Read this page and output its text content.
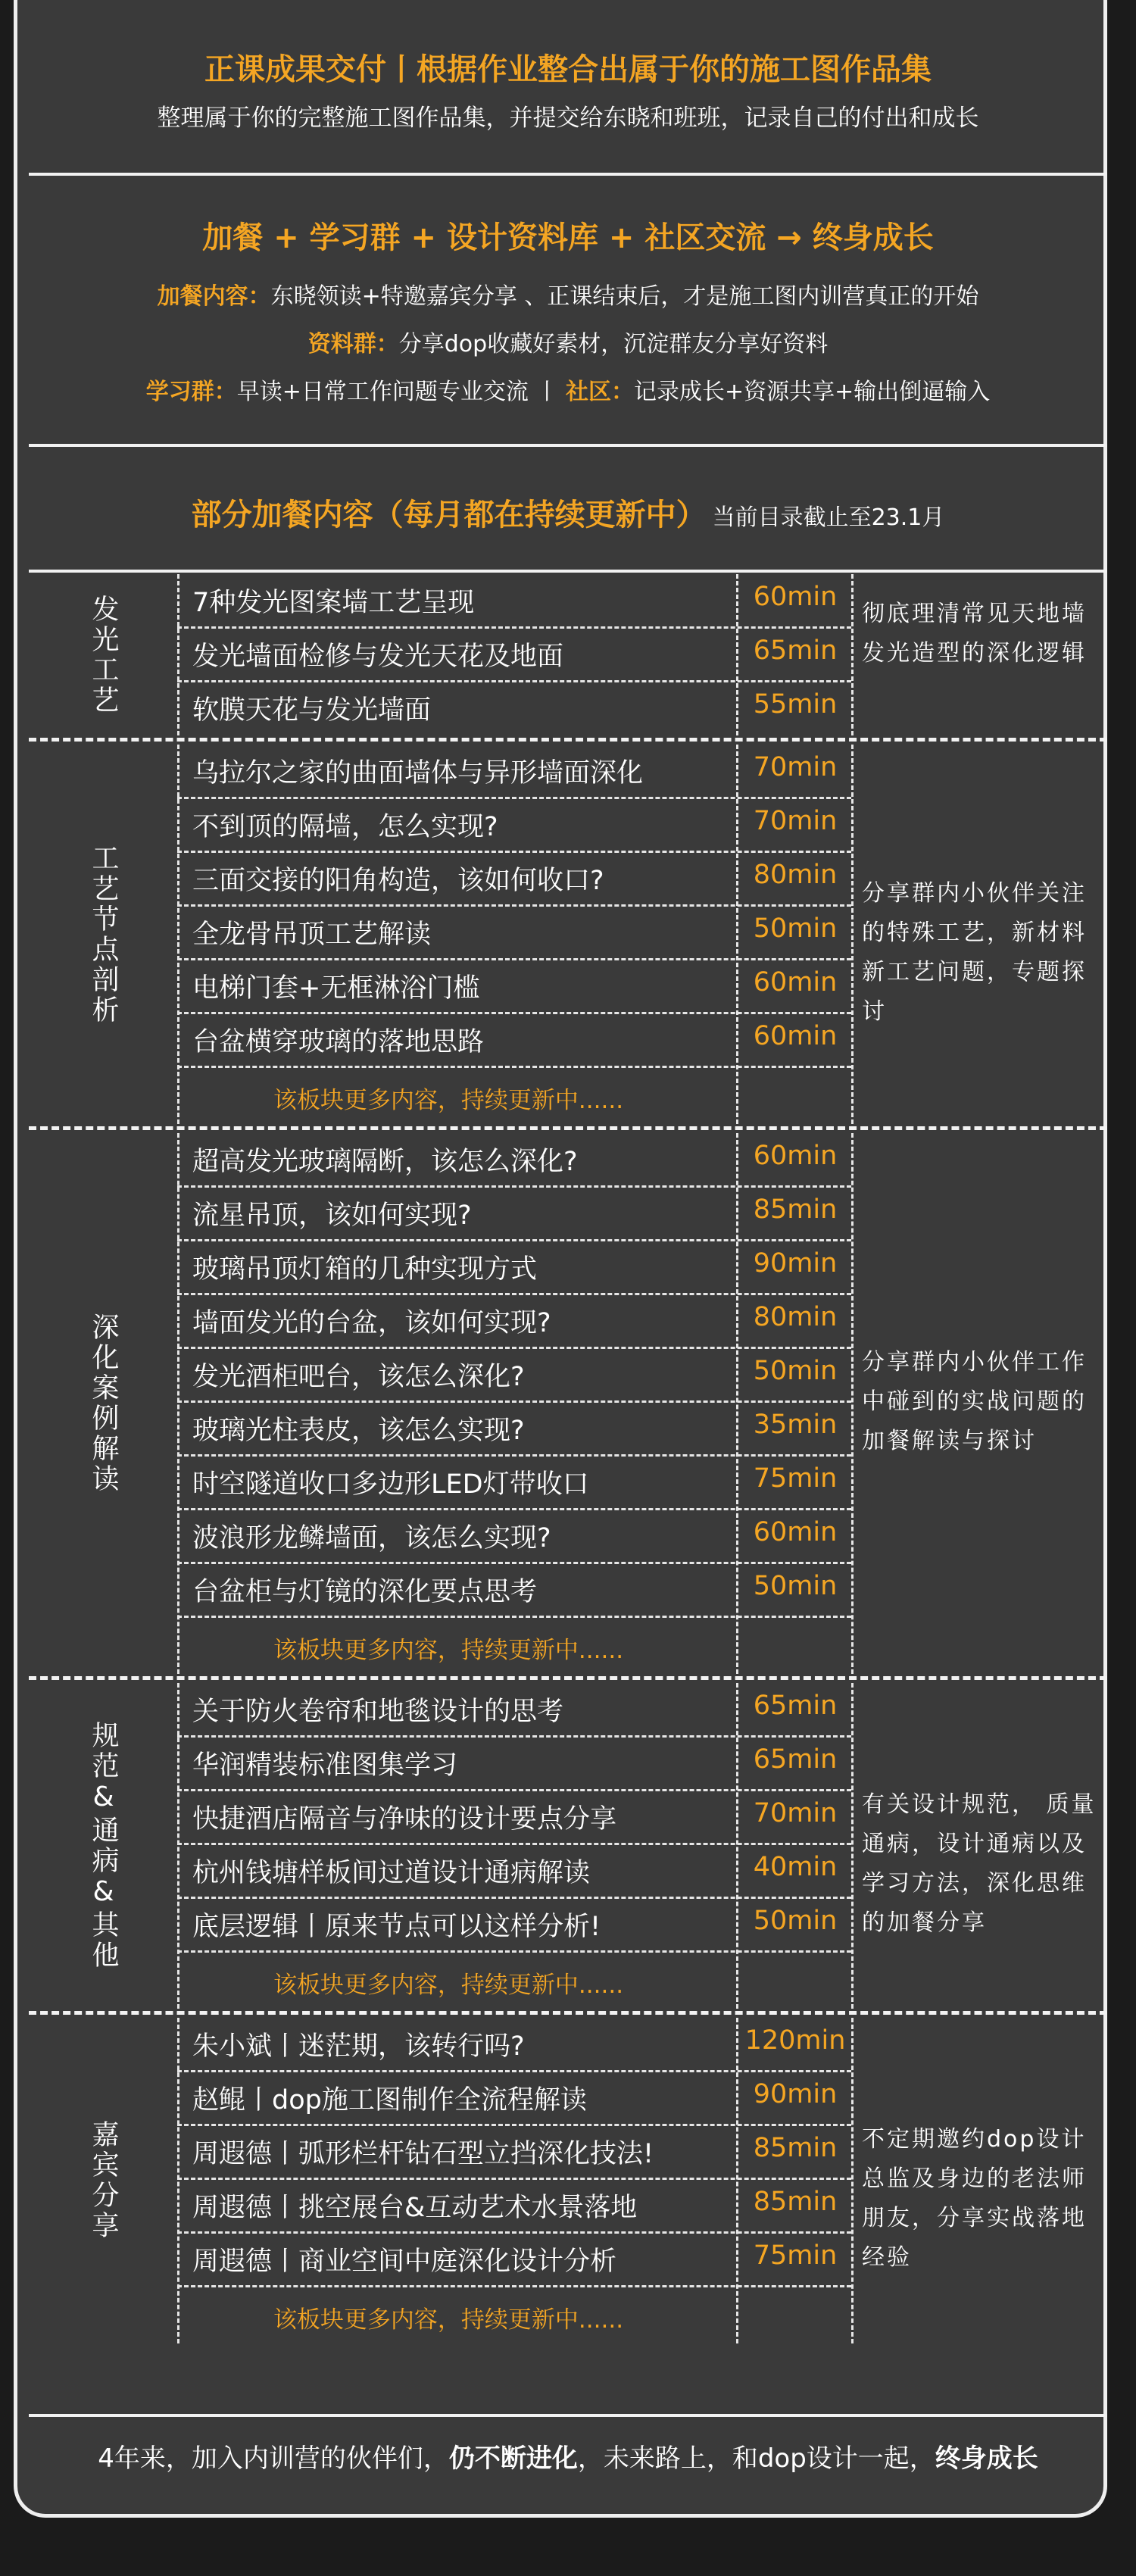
正课成果交付丨根据作业整合出属于你的施工图作品集
整理属于你的完整施工图作品集，并提交给东晓和班班，记录自己的付出和成长
加餐 + 学习群 + 设计资料库 + 社区交流 → 终身成长
加餐内容：东晓领读+特邀嘉宾分享 、正课结束后，才是施工图内训营真正的开始
资料群：分享dop收藏好素材，沉淀群友分享好资料
学习群：早读+日常工作问题专业交流 丨 社区：记录成长+资源共享+输出倒逼输入
部分加餐内容（每月都在持续更新中） 当前目录截止至23.1月
发光工艺	7种发光图案墙工艺呈现	60min
发光墙面检修与发光天花及地面	65min
软膜天花与发光墙面	55min
彻底理清常见天地墙发光造型的深化逻辑
工艺节点剖析
乌拉尔之家的曲面墙体与异形墙面深化	70min
不到顶的隔墙，怎么实现?	70min
三面交接的阳角构造，该如何收口?	80min
全龙骨吊顶工艺解读	50min
电梯门套+无框淋浴门槛	60min
台盆横穿玻璃的落地思路	60min
该板块更多内容，持续更新中......
分享群内小伙伴关注的特殊工艺，新材料新工艺问题，专题探讨
深化案例解读
超高发光玻璃隔断，该怎么深化?	60min
流星吊顶，该如何实现?	85min
玻璃吊顶灯箱的几种实现方式	90min
墙面发光的台盆，该如何实现?	80min
发光酒柜吧台，该怎么深化?	50min
玻璃光柱表皮，该怎么实现?	35min
时空隧道收口多边形LED灯带收口	75min
波浪形龙鳞墙面，该怎么实现?	60min
台盆柜与灯镜的深化要点思考	50min
该板块更多内容，持续更新中......
分享群内小伙伴工作中碰到的实战问题的加餐解读与探讨
规范&通病&其他
关于防火卷帘和地毯设计的思考	65min
华润精装标准图集学习	65min
快捷酒店隔音与净味的设计要点分享	70min
杭州钱塘样板间过道设计通病解读	40min
底层逻辑丨原来节点可以这样分析!	50min
该板块更多内容，持续更新中......
有关设计规范， 质量通病，设计通病以及学习方法，深化思维的加餐分享
嘉宾分享
朱小斌丨迷茫期，该转行吗?	120min
赵鲲丨dop施工图制作全流程解读	90min
周遐德丨弧形栏杆钻石型立挡深化技法!	85min
周遐德丨挑空展台&互动艺术水景落地	85min
周遐德丨商业空间中庭深化设计分析	75min
该板块更多内容，持续更新中......
不定期邀约dop设计总监及身边的老法师朋友，分享实战落地经验
4年来，加入内训营的伙伴们，仍不断进化，未来路上，和dop设计一起，终身成长
